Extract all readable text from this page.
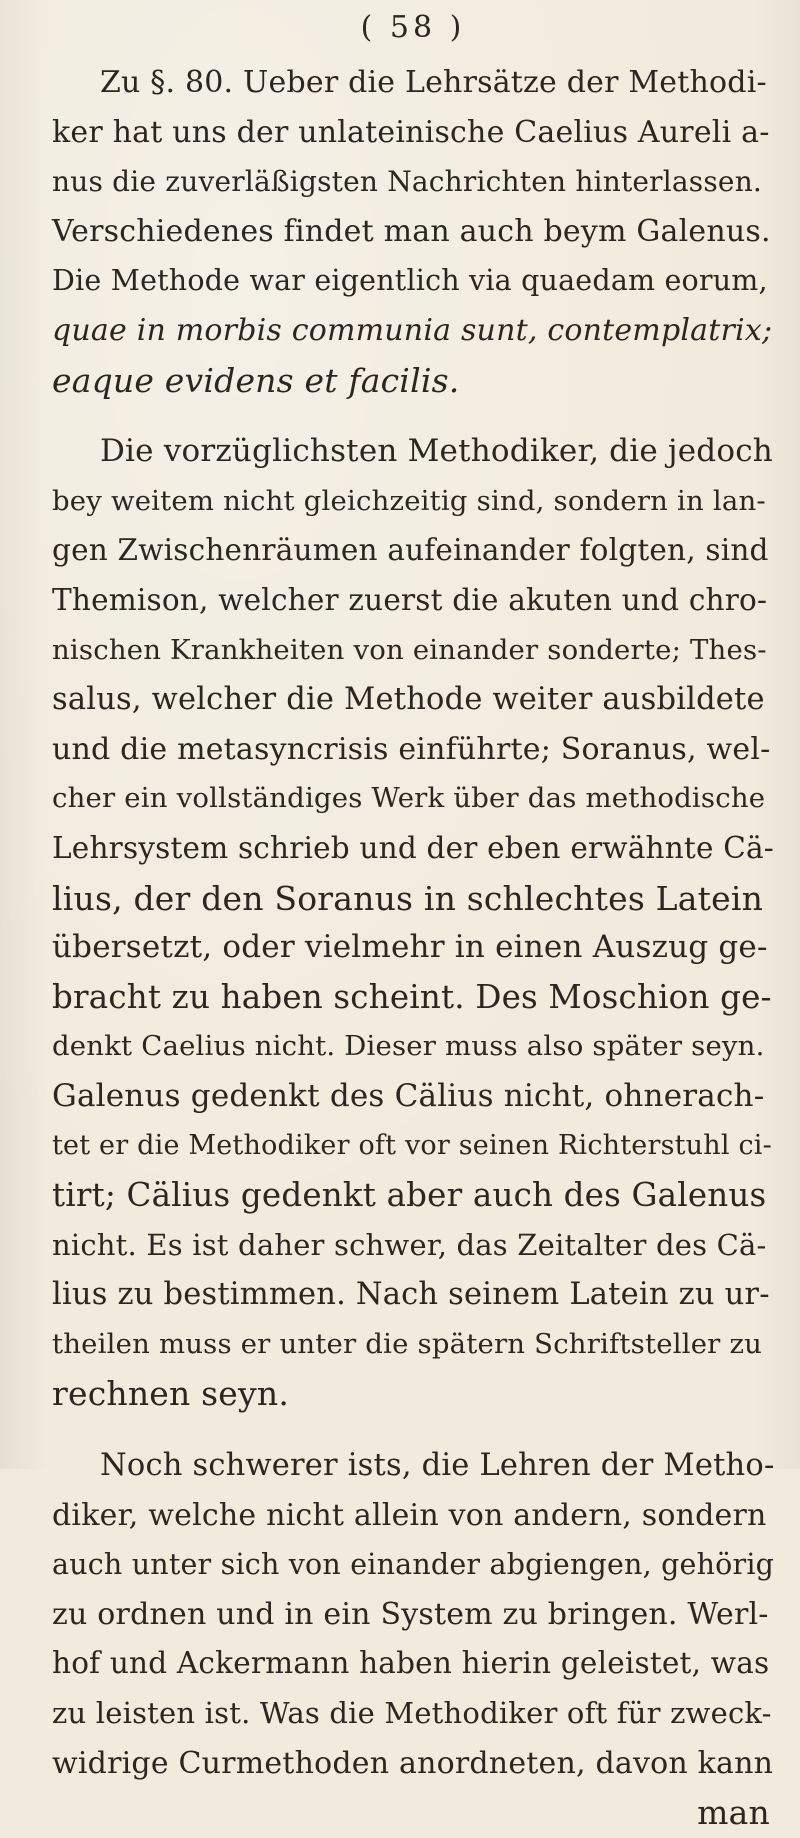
( 58 )
Zu §. 80. Ueber die Lehrsätze der Methodi-
ker hat uns der unlateinische Caelius Aureli a-
nus die zuverläßigsten Nachrichten hinterlassen.
Verschiedenes findet man auch beym Galenus.
Die Methode war eigentlich via quaedam eorum,
quae in morbis communia sunt, contemplatrix;
eaque evidens et facilis.
Die vorzüglichsten Methodiker, die jedoch
bey weitem nicht gleichzeitig sind, sondern in lan-
gen Zwischenräumen aufeinander folgten, sind
Themison, welcher zuerst die akuten und chro-
nischen Krankheiten von einander sonderte; Thes-
salus, welcher die Methode weiter ausbildete
und die metasyncrisis einführte; Soranus, wel-
cher ein vollständiges Werk über das methodische
Lehrsystem schrieb und der eben erwähnte Cä-
lius, der den Soranus in schlechtes Latein
übersetzt, oder vielmehr in einen Auszug ge-
bracht zu haben scheint. Des Moschion ge-
denkt Caelius nicht. Dieser muss also später seyn.
Galenus gedenkt des Cälius nicht, ohnerach-
tet er die Methodiker oft vor seinen Richterstuhl ci-
tirt; Cälius gedenkt aber auch des Galenus
nicht. Es ist daher schwer, das Zeitalter des Cä-
lius zu bestimmen. Nach seinem Latein zu ur-
theilen muss er unter die spätern Schriftsteller zu
rechnen seyn.
Noch schwerer ists, die Lehren der Metho-
diker, welche nicht allein von andern, sondern
auch unter sich von einander abgiengen, gehörig
zu ordnen und in ein System zu bringen. Werl-
hof und Ackermann haben hierin geleistet, was
zu leisten ist. Was die Methodiker oft für zweck-
widrige Curmethoden anordneten, davon kann
man
